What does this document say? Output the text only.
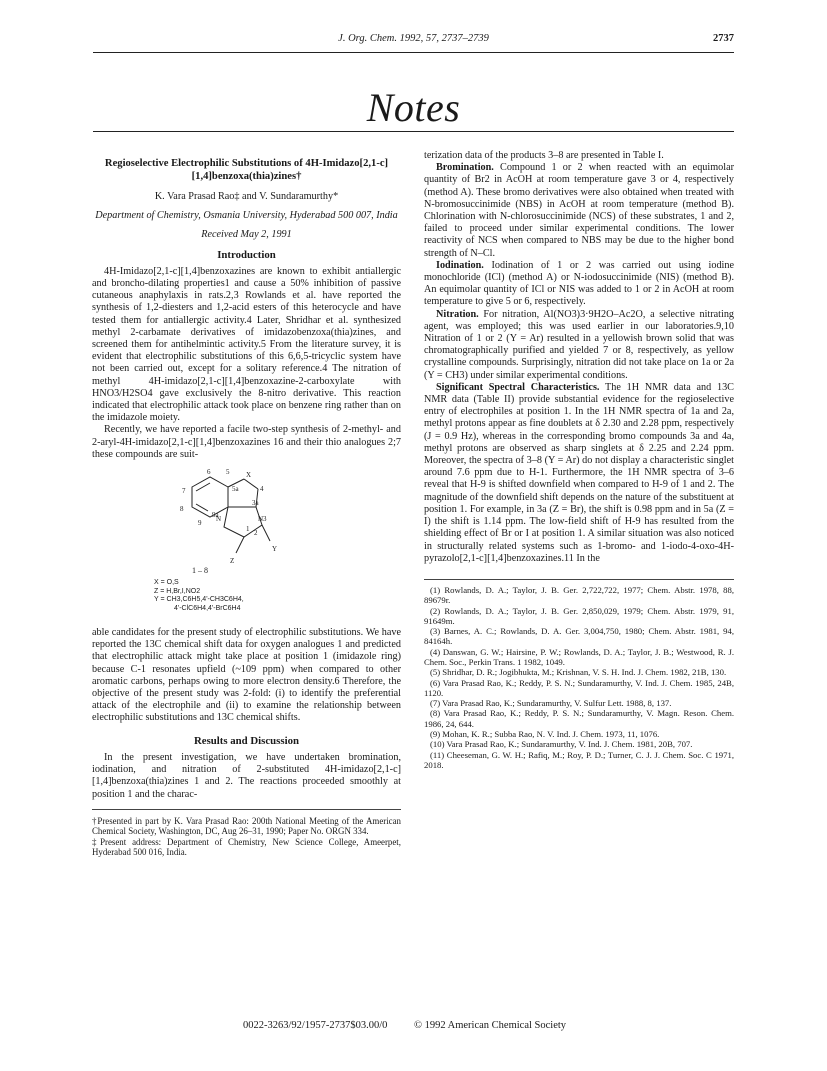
J. Org. Chem. 1992, 57, 2737–2739	2737
Notes
Regioselective Electrophilic Substitutions of 4H-Imidazo[2,1-c][1,4]benzoxa(thia)zines†
K. Vara Prasad Rao‡ and V. Sundaramurthy*
Department of Chemistry, Osmania University, Hyderabad 500 007, India
Received May 2, 1991
Introduction

4H-Imidazo[2,1-c][1,4]benzoxazines are known to exhibit antiallergic and broncho-dilating properties1 and cause a 50% inhibition of passive cutaneous anaphylaxis in rats.2,3 Rowlands et al. have reported the synthesis of 1,2-diesters and 1,2-acid esters of this heterocycle and have tested them for antiallergic activity.4 Later, Shridhar et al. synthesized methyl 2-carbamate derivatives of imidazobenzoxa(thia)zines, and screened them for antihelmintic activity.5 From the literature survey, it is evident that electrophilic substitutions of this 6,6,5-tricyclic system have not been carried out, except for a solitary reference.4 The nitration of methyl 4H-imidazo[2,1-c][1,4]benzoxazine-2-carboxylate with HNO3/H2SO4 gave exclusively the 8-nitro derivative. This reaction indicated that electrophilic attack took place on benzene ring rather than on the imidazole moiety.

Recently, we have reported a facile two-step synthesis of 2-methyl- and 2-aryl-4H-imidazo[2,1-c][1,4]benzoxazines 16 and their thio analogues 2;7 these compounds are suit-

6 5
7
8
9
9a
5a
X
4
3a
N	N3
1 2
Z
Y
1 – 8
X = O,S
Z = H,Br,I,NO2
Y = CH3,C6H5,4'-CH3C6H4,
4'-ClC6H4,4'-BrC6H4

able candidates for the present study of electrophilic substitutions. We have reported the 13C chemical shift data for oxygen analogues 1 and predicted that electrophilic attack might take place at position 1 (imidazole ring) because C-1 resonates upfield (~109 ppm) when compared to other aromatic carbons, perhaps owing to more electron density.6 Therefore, the objective of the present study was 2-fold: (i) to identify the preferential attack of the electrophile and (ii) to examine the relationship between electrophilic substitutions and 13C chemical shifts.

Results and Discussion

In the present investigation, we have undertaken bromination, iodination, and nitration of 2-substituted 4H-imidazo[2,1-c][1,4]benzoxa(thia)zines 1 and 2. The reactions proceeded smoothly at position 1 and the charac-

†Presented in part by K. Vara Prasad Rao: 200th National Meeting of the American Chemical Society, Washington, DC, Aug 26–31, 1990; Paper No. ORGN 334.
‡Present address: Department of Chemistry, New Science College, Ameerpet, Hyderabad 500 016, India.

terization data of the products 3–8 are presented in Table I.

Bromination. Compound 1 or 2 when reacted with an equimolar quantity of Br2 in AcOH at room temperature gave 3 or 4, respectively (method A). These bromo derivatives were also obtained when treated with N-bromosuccinimide (NBS) in AcOH at room temperature (method B). Chlorination with N-chlorosuccinimide (NCS) of these substrates, 1 and 2, failed to proceed under similar experimental conditions. The lower reactivity of NCS when compared to NBS may be due to the higher bond strength of N–Cl.

Iodination. Iodination of 1 or 2 was carried out using iodine monochloride (ICl) (method A) or N-iodosuccinimide (NIS) (method B). An equimolar quantity of ICl or NIS was added to 1 or 2 in AcOH at room temperature to give 5 or 6, respectively.

Nitration. For nitration, Al(NO3)3·9H2O–Ac2O, a selective nitrating agent, was employed; this was used earlier in our laboratories.9,10 Nitration of 1 or 2 (Y = Ar) resulted in a yellowish brown solid that was chromatographically purified and yielded 7 or 8, respectively, as yellow crystalline compounds. Surprisingly, nitration did not take place on 1a or 2a (Y = CH3) under similar experimental conditions.

Significant Spectral Characteristics. The 1H NMR data and 13C NMR data (Table II) provide substantial evidence for the regioselective entry of electrophiles at position 1. In the 1H NMR spectra of 1a and 2a, methyl protons appear as fine doublets at δ 2.30 and 2.28 ppm, respectively (J = 0.9 Hz), whereas in the corresponding bromo compounds 3a and 4a, methyl protons are observed as sharp singlets at δ 2.25 and 2.24 ppm. Moreover, the spectra of 3–8 (Y = Ar) do not display a characteristic singlet around 7.6 ppm due to H-1. Furthermore, the 1H NMR spectra of 3–6 reveal that H-9 is shifted downfield when compared to H-9 of 1 and 2. The magnitude of the downfield shift depends on the nature of the substituent at position 1. For example, in 3a (Z = Br), the shift is 0.98 ppm and in 5a (Z = I) the shift is 1.14 ppm. The low-field shift of H-9 has resulted from the shielding effect of Br or I at position 1. A similar situation was also noticed in structurally related systems such as 1-bromo- and 1-iodo-4-oxo-4H-pyrazolo[2,1-c][1,4]benzoxazines.11 In the

(1) Rowlands, D. A.; Taylor, J. B. Ger. 2,722,722, 1977; Chem. Abstr. 1978, 88, 89679r.
(2) Rowlands, D. A.; Taylor, J. B. Ger. 2,850,029, 1979; Chem. Abstr. 1979, 91, 91649m.
(3) Barnes, A. C.; Rowlands, D. A. Ger. 3,004,750, 1980; Chem. Abstr. 1981, 94, 84164h.
(4) Danswan, G. W.; Hairsine, P. W.; Rowlands, D. A.; Taylor, J. B.; Westwood, R. J. Chem. Soc., Perkin Trans. 1 1982, 1049.
(5) Shridhar, D. R.; Jogibhukta, M.; Krishnan, V. S. H. Ind. J. Chem. 1982, 21B, 130.
(6) Vara Prasad Rao, K.; Reddy, P. S. N.; Sundaramurthy, V. Ind. J. Chem. 1985, 24B, 1120.
(7) Vara Prasad Rao, K.; Sundaramurthy, V. Sulfur Lett. 1988, 8, 137.
(8) Vara Prasad Rao, K.; Reddy, P. S. N.; Sundaramurthy, V. Magn. Reson. Chem. 1986, 24, 644.
(9) Mohan, K. R.; Subba Rao, N. V. Ind. J. Chem. 1973, 11, 1076.
(10) Vara Prasad Rao, K.; Sundaramurthy, V. Ind. J. Chem. 1981, 20B, 707.
(11) Cheeseman, G. W. H.; Rafiq, M.; Roy, P. D.; Turner, C. J. J. Chem. Soc. C 1971, 2018.
0022-3263/92/1957-2737$03.00/0	© 1992 American Chemical Society
